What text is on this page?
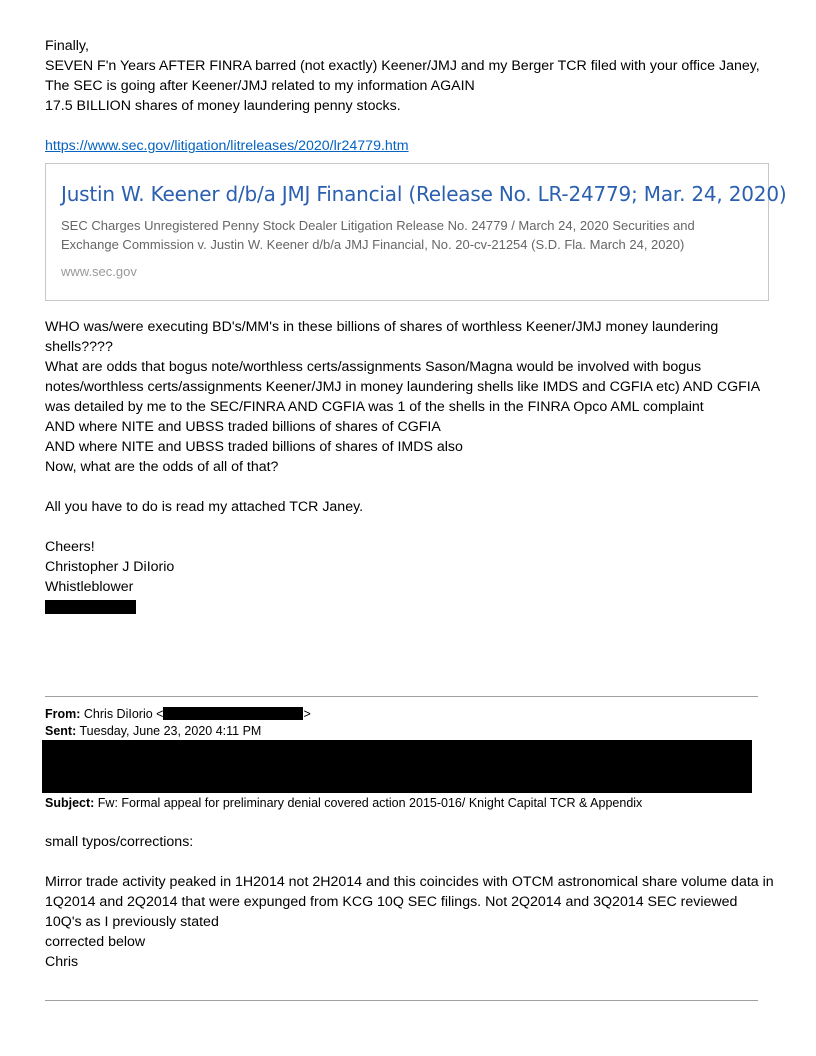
Finally,
SEVEN F'n Years AFTER FINRA barred (not exactly) Keener/JMJ and my Berger TCR filed with your office Janey,
The SEC is going after Keener/JMJ related to my information AGAIN
17.5 BILLION shares of money laundering penny stocks.
https://www.sec.gov/litigation/litreleases/2020/lr24779.htm
Justin W. Keener d/b/a JMJ Financial (Release No. LR-24779; Mar. 24, 2020)
SEC Charges Unregistered Penny Stock Dealer Litigation Release No. 24779 / March 24, 2020 Securities and Exchange Commission v. Justin W. Keener d/b/a JMJ Financial, No. 20-cv-21254 (S.D. Fla. March 24, 2020)
www.sec.gov
WHO was/were executing BD's/MM's in these billions of shares of worthless Keener/JMJ money laundering shells????
What are odds that bogus note/worthless certs/assignments Sason/Magna would be involved with bogus notes/worthless certs/assignments Keener/JMJ in money laundering shells like IMDS and CGFIA etc) AND CGFIA was detailed by me to the SEC/FINRA AND CGFIA was 1 of the shells in the FINRA Opco AML complaint
AND where NITE and UBSS traded billions of shares of CGFIA
AND where NITE and UBSS traded billions of shares of IMDS also
Now, what are the odds of all of that?
All you have to do is read my attached TCR Janey.
Cheers!
Christopher J DiIorio
Whistleblower
From: Chris DiIorio <	>
Sent: Tuesday, June 23, 2020 4:11 PM
Subject: Fw: Formal appeal for preliminary denial covered action 2015-016/ Knight Capital TCR & Appendix
small typos/corrections:
Mirror trade activity peaked in 1H2014 not 2H2014 and this coincides with OTCM astronomical share volume data in 1Q2014 and 2Q2014 that were expunged from KCG 10Q SEC filings. Not 2Q2014 and 3Q2014 SEC reviewed 10Q's as I previously stated
corrected below
Chris
